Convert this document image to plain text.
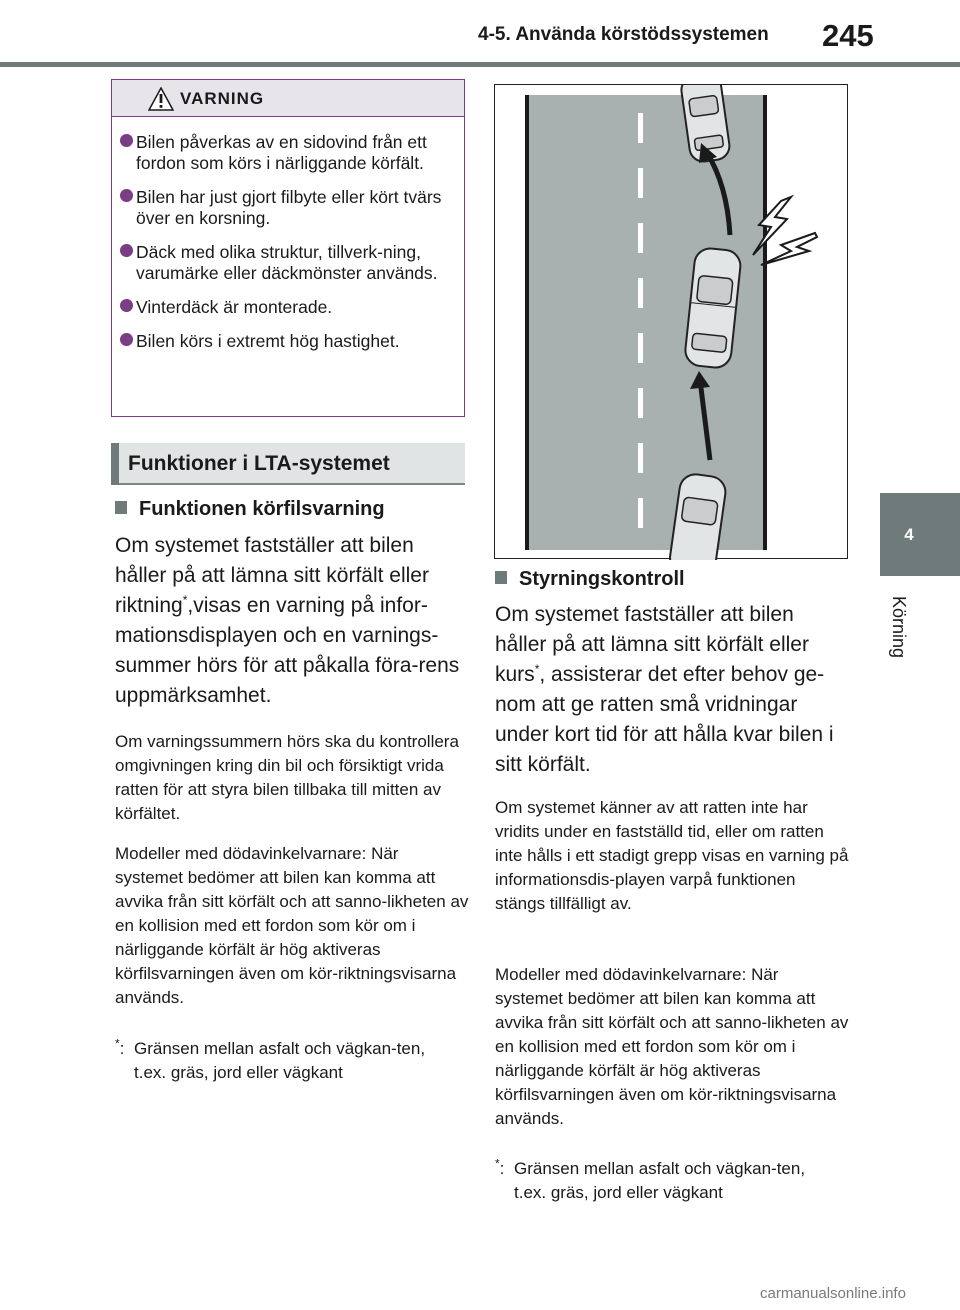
4-5. Använda körstödssystemen 245
4
Körning
VARNING
Bilen påverkas av en sidovind från ett fordon som körs i närliggande körfält.
Bilen har just gjort filbyte eller kört tvärs över en korsning.
Däck med olika struktur, tillverk-ning, varumärke eller däckmönster används.
Vinterdäck är monterade.
Bilen körs i extremt hög hastighet.
Funktioner i LTA-systemet
Funktionen körfilsvarning
Om systemet fastställer att bilen håller på att lämna sitt körfält eller riktning*,visas en varning på infor-mationsdisplayen och en varnings-summer hörs för att påkalla föra-rens uppmärksamhet.
Om varningssummern hörs ska du kontrollera omgivningen kring din bil och försiktigt vrida ratten för att styra bilen tillbaka till mitten av körfältet.
Modeller med dödavinkelvarnare: När systemet bedömer att bilen kan komma att avvika från sitt körfält och att sanno-likheten av en kollision med ett fordon som kör om i närliggande körfält är hög aktiveras körfilsvarningen även om kör-riktningsvisarna används.
*: Gränsen mellan asfalt och vägkan-ten, t.ex. gräs, jord eller vägkant
Styrningskontroll
Om systemet fastställer att bilen håller på att lämna sitt körfält eller kurs*, assisterar det efter behov ge-nom att ge ratten små vridningar under kort tid för att hålla kvar bilen i sitt körfält.
Om systemet känner av att ratten inte har vridits under en fastställd tid, eller om ratten inte hålls i ett stadigt grepp visas en varning på informationsdis-playen varpå funktionen stängs tillfälligt av.
Modeller med dödavinkelvarnare: När systemet bedömer att bilen kan komma att avvika från sitt körfält och att sanno-likheten av en kollision med ett fordon som kör om i närliggande körfält är hög aktiveras körfilsvarningen även om kör-riktningsvisarna används.
*: Gränsen mellan asfalt och vägkan-ten, t.ex. gräs, jord eller vägkant
carmanualsonline.info
